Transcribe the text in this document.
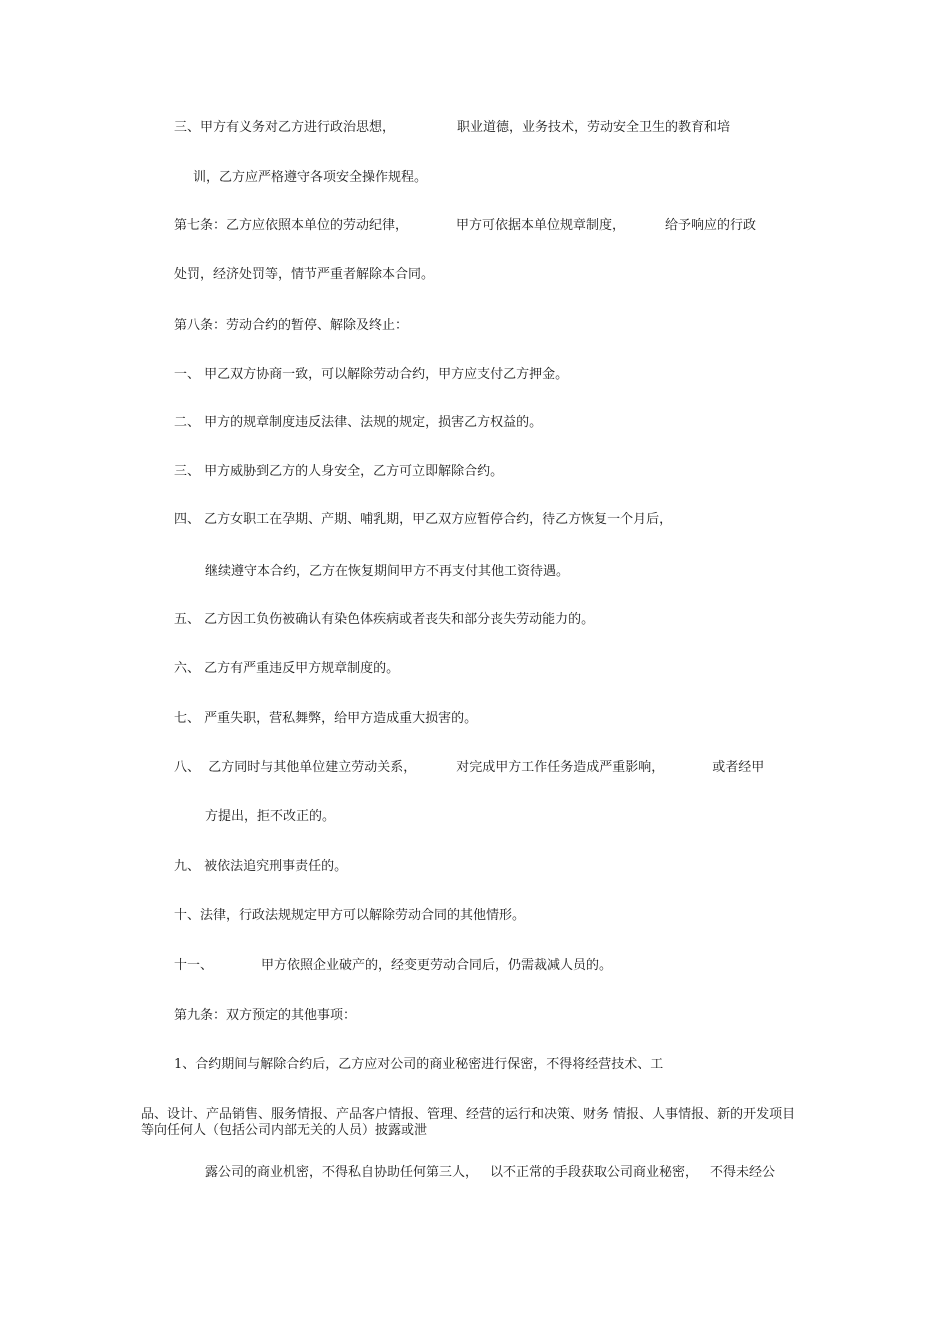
三、甲方有义务对乙方进行政治思想，	职业道德，业务技术，劳动安全卫生的教育和培
训，乙方应严格遵守各项安全操作规程。
第七条：乙方应依照本单位的劳动纪律，	甲方可依据本单位规章制度，	给予响应的行政
处罚，经济处罚等，情节严重者解除本合同。
第八条：劳动合约的暂停、解除及终止：
一、 甲乙双方协商一致，可以解除劳动合约，甲方应支付乙方押金。
二、 甲方的规章制度违反法律、法规的规定，损害乙方权益的。
三、 甲方威胁到乙方的人身安全，乙方可立即解除合约。
四、 乙方女职工在孕期、产期、哺乳期，甲乙双方应暂停合约，待乙方恢复一个月后，
继续遵守本合约，乙方在恢复期间甲方不再支付其他工资待遇。
五、 乙方因工负伤被确认有染色体疾病或者丧失和部分丧失劳动能力的。
六、 乙方有严重违反甲方规章制度的。
七、 严重失职，营私舞弊，给甲方造成重大损害的。
八、  乙方同时与其他单位建立劳动关系，	对完成甲方工作任务造成严重影响，	或者经甲
方提出，拒不改正的。
九、 被依法追究刑事责任的。
十、法律，行政法规规定甲方可以解除劳动合同的其他情形。
十一、	甲方依照企业破产的，经变更劳动合同后，仍需裁减人员的。
第九条：双方预定的其他事项：
1、合约期间与解除合约后，乙方应对公司的商业秘密进行保密，不得将经营技术、工
品、设计、产品销售、服务情报、产品客户情报、管理、经营的运行和决策、财务 情报、人事情报、新的开发项目等向任何人（包括公司内部无关的人员）披露或泄
露公司的商业机密，不得私自协助任何第三人， 以不正常的手段获取公司商业秘密， 不得未经公
